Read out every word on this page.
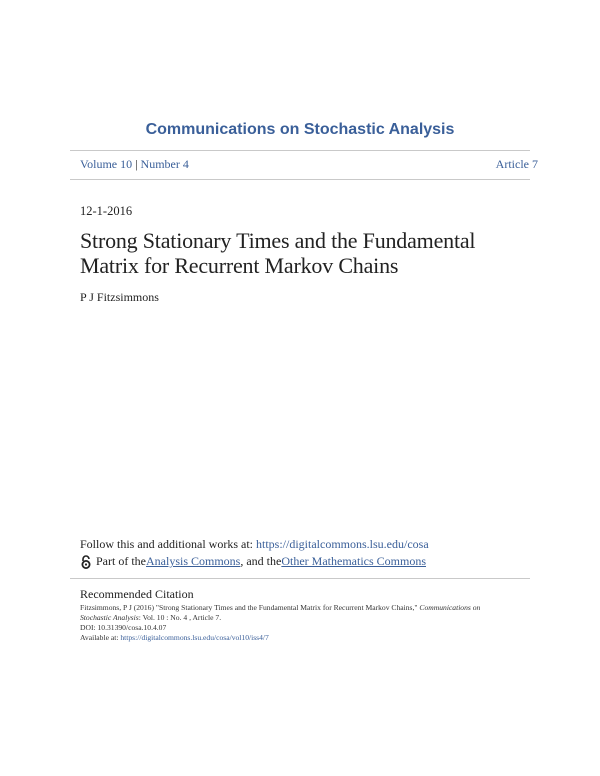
Communications on Stochastic Analysis
Volume 10 | Number 4	Article 7
12-1-2016
Strong Stationary Times and the Fundamental
Matrix for Recurrent Markov Chains
P J Fitzsimmons
Follow this and additional works at: https://digitalcommons.lsu.edu/cosa
Part of the Analysis Commons , and the Other Mathematics Commons
Recommended Citation
Fitzsimmons, P J (2016) "Strong Stationary Times and the Fundamental Matrix for Recurrent Markov Chains," Communications on
Stochastic Analysis: Vol. 10 : No. 4 , Article 7.
DOI: 10.31390/cosa.10.4.07
Available at: https://digitalcommons.lsu.edu/cosa/vol10/iss4/7
